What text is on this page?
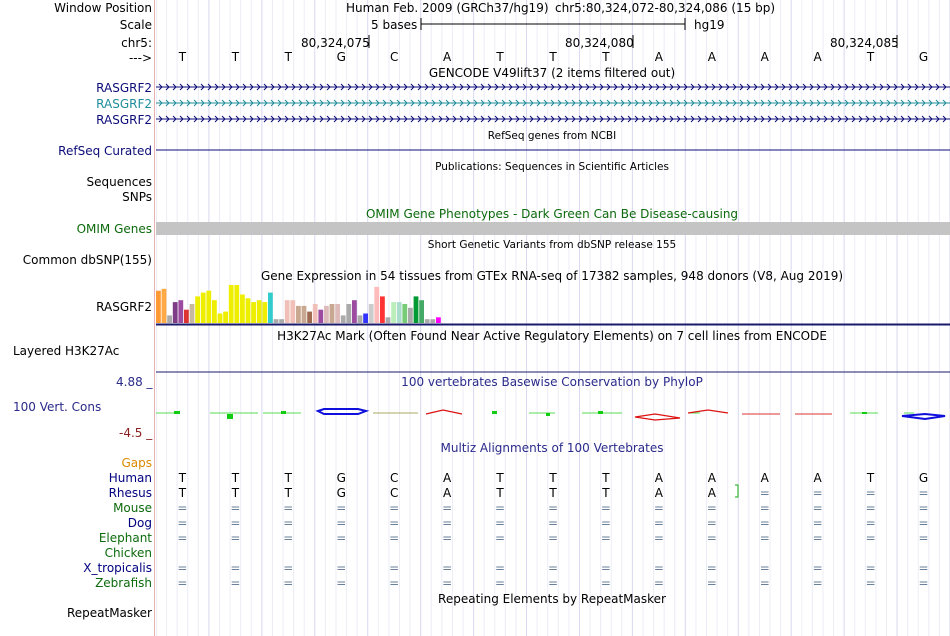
Window Position
Scale
chr5:
--->
Human Feb. 2009 (GRCh37/hg19) chr5:80,324,072-80,324,086 (15 bp)
5 bases	hg19
80,324,075	80,324,080	80,324,085
GENCODE V49lift37 (2 items filtered out)
RASGRF2
RASGRF2
RASGRF2
RefSeq genes from NCBI
RefSeq Curated
Publications: Sequences in Scientific Articles
Sequences
SNPs
OMIM Gene Phenotypes - Dark Green Can Be Disease-causing
OMIM Genes
Short Genetic Variants from dbSNP release 155
Common dbSNP(155)
Gene Expression in 54 tissues from GTEx RNA-seq of 17382 samples, 948 donors (V8, Aug 2019)
RASGRF2
H3K27Ac Mark (Often Found Near Active Regulatory Elements) on 7 cell lines from ENCODE
Layered H3K27Ac
100 vertebrates Basewise Conservation by PhyloP
4.88 _
100 Vert. Cons
-4.5 _
Multiz Alignments of 100 Vertebrates
Gaps
Human
Rhesus
Mouse
Dog
Elephant
Chicken
X_tropicalis
Zebrafish
Repeating Elements by RepeatMasker
RepeatMasker
T	T	T	G	C	A	T	T	T	A	A	A	A	T	G
T	T	T	G	C	A	T	T	T	A	A	A	A	T	G
T	T	T	G	C	A	T	T	T	A	A	=	=	=	=
=	=	=	=	=	=	=	=	=	=	=	=	=	=	=
=	=	=	=	=	=	=	=	=	=	=	=	=	=	=
=	=	=	=	=	=	=	=	=	=	=	=	=	=	=
=	=	=	=	=	=	=	=	=	=	=	=	=	=	=
=	=	=	=	=	=	=	=	=	=	=	=	=	=	=
